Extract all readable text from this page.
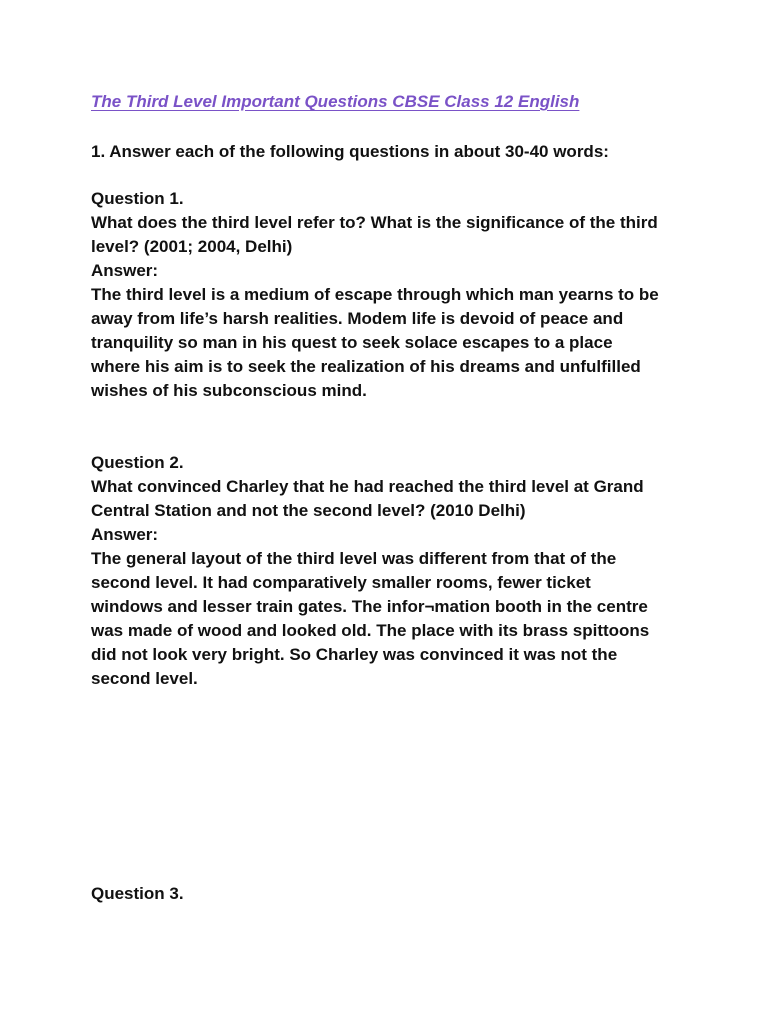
The Third Level Important Questions CBSE Class 12 English
1. Answer each of the following questions in about 30-40 words:
Question 1.
What does the third level refer to? What is the significance of the third
level? (2001; 2004, Delhi)
Answer:
The third level is a medium of escape through which man yearns to be
away from life’s harsh realities. Modem life is devoid of peace and
tranquility so man in his quest to seek solace escapes to a place
where his aim is to seek the realization of his dreams and unfulfilled
wishes of his subconscious mind.
Question 2.
What convinced Charley that he had reached the third level at Grand
Central Station and not the second level? (2010 Delhi)
Answer:
The general layout of the third level was different from that of the
second level. It had comparatively smaller rooms, fewer ticket
windows and lesser train gates. The infor¬mation booth in the centre
was made of wood and looked old. The place with its brass spittoons
did not look very bright. So Charley was convinced it was not the
second level.
Question 3.
